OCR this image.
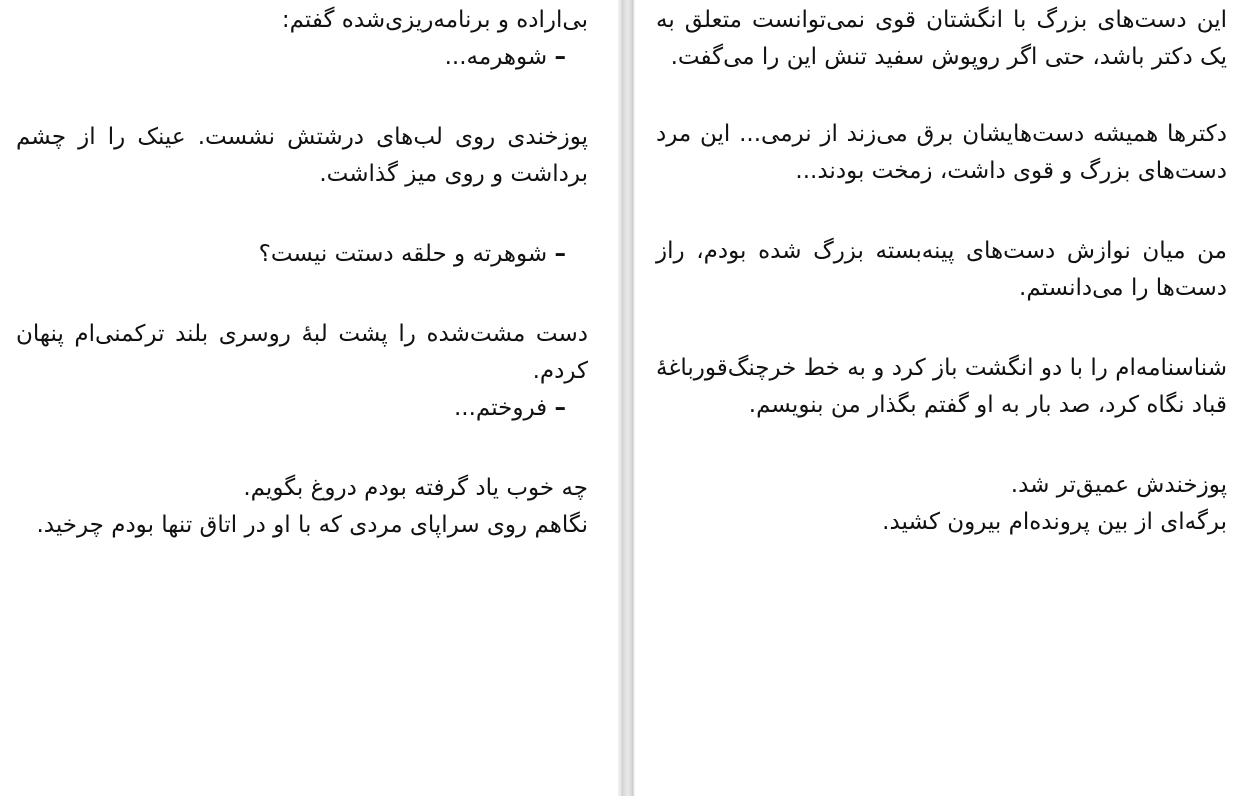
بی‌اراده و برنامه‌ریزی‌شده گفتم:

– شوهرمه...

پوزخندی روی لب‌های درشتش نشست. عینک را از چشم برداشت و روی میز گذاشت.

– شوهرته و حلقه دستت نیست؟

دست مشت‌شده را پشت لبهٔ روسری بلند ترکمنی‌ام پنهان کردم.

– فروختم...

چه خوب یاد گرفته بودم دروغ بگویم.

نگاهم روی سراپای مردی که با او در اتاق تنها بودم چرخید.

این دست‌های بزرگ با انگشتان قوی نمی‌توانست متعلق به یک دکتر باشد، حتی اگر روپوش سفید تنش این را می‌گفت.

دکترها همیشه دست‌هایشان برق می‌زند از نرمی... این مرد دست‌های بزرگ و قوی داشت، زمخت بودند...

من میان نوازش دست‌های پینه‌بسته بزرگ شده بودم، راز دست‌ها را می‌دانستم.

شناسنامه‌ام را با دو انگشت باز کرد و به خط خرچنگ‌قورباغهٔ قباد نگاه کرد، صد بار به او گفتم بگذار من بنویسم.

پوزخندش عمیق‌تر شد.

برگه‌ای از بین پرونده‌ام بیرون کشید.
